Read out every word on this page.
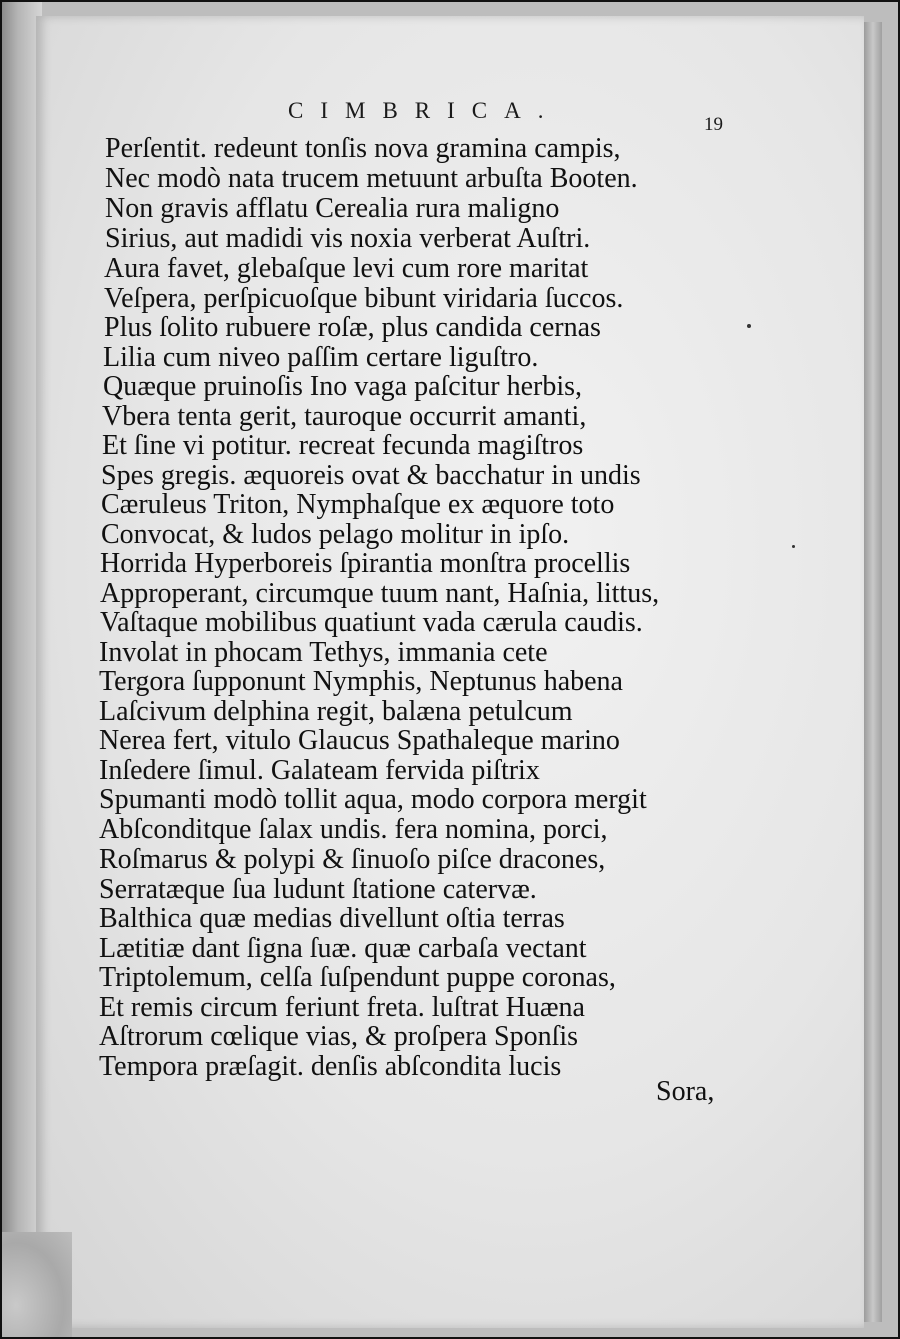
CIMBRICA.
19
Perſentit. redeunt tonſis nova gramina campis,
Nec modò nata trucem metuunt arbuſta Booten.
Non gravis afflatu Cerealia rura maligno
Sirius, aut madidi vis noxia verberat Auſtri.
Aura favet, glebaſque levi cum rore maritat
Veſpera, perſpicuoſque bibunt viridaria ſuccos.
Plus ſolito rubuere roſæ, plus candida cernas
Lilia cum niveo paſſim certare liguſtro.
Quæque pruinoſis Ino vaga paſcitur herbis,
Vbera tenta gerit, tauroque occurrit amanti,
Et ſine vi potitur. recreat fecunda magiſtros
Spes gregis. æquoreis ovat & bacchatur in undis
Cæruleus Triton, Nymphaſque ex æquore toto
Convocat, & ludos pelago molitur in ipſo.
Horrida Hyperboreis ſpirantia monſtra procellis
Approperant, circumque tuum nant, Haſnia, littus,
Vaſtaque mobilibus quatiunt vada cærula caudis.
Involat in phocam Tethys, immania cete
Tergora ſupponunt Nymphis, Neptunus habena
Laſcivum delphina regit, balæna petulcum
Nerea fert, vitulo Glaucus Spathaleque marino
Inſedere ſimul. Galateam fervida piſtrix
Spumanti modò tollit aqua, modo corpora mergit
Abſconditque ſalax undis. fera nomina, porci,
Roſmarus & polypi & ſinuoſo piſce dracones,
Serratæque ſua ludunt ſtatione catervæ.
Balthica quæ medias divellunt oſtia terras
Lætitiæ dant ſigna ſuæ. quæ carbaſa vectant
Triptolemum, celſa ſuſpendunt puppe coronas,
Et remis circum feriunt freta. luſtrat Huæna
Aſtrorum cœlique vias, & proſpera Sponſis
Tempora præſagit. denſis abſcondita lucis
Sora,
